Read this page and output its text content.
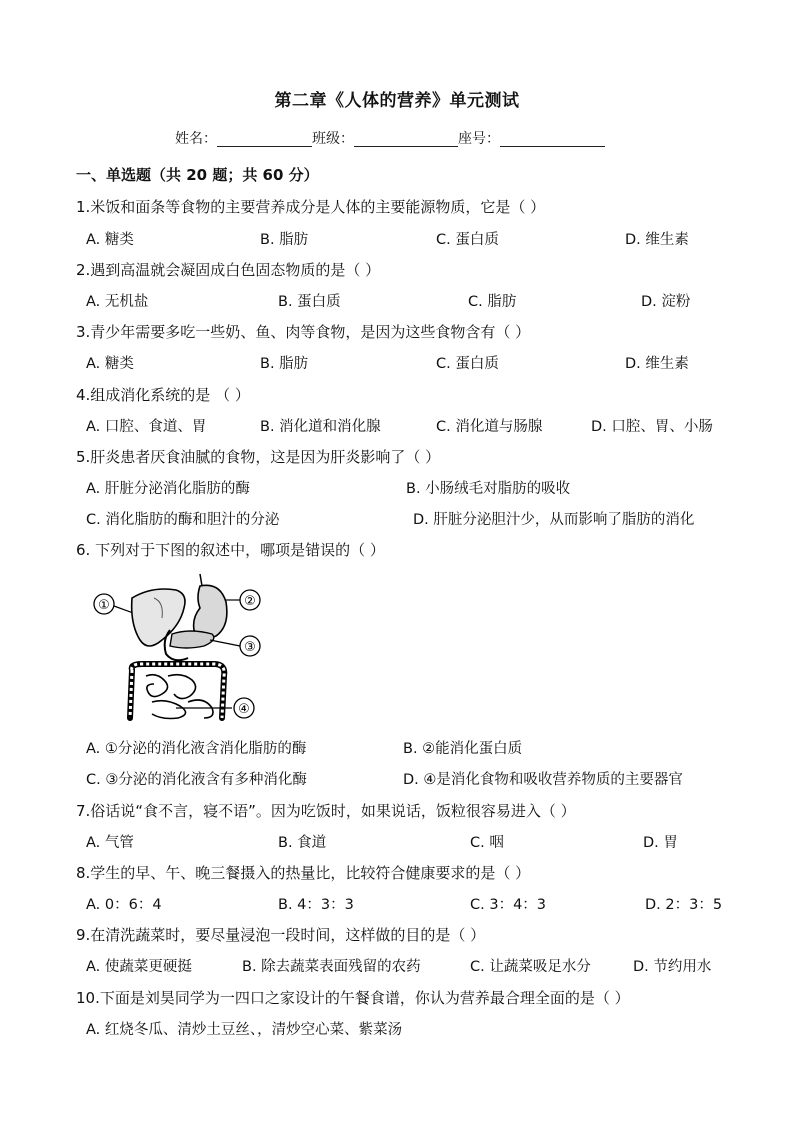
第二章《人体的营养》单元测试
姓名：	班级：	座号：
一、单选题（共 20 题；共 60 分）
1.米饭和面条等食物的主要营养成分是人体的主要能源物质，它是（ ）
A. 糖类	B. 脂肪	C. 蛋白质	D. 维生素
2.遇到高温就会凝固成白色固态物质的是（ ）
A. 无机盐	B. 蛋白质	C. 脂肪	D. 淀粉
3.青少年需要多吃一些奶、鱼、肉等食物，是因为这些食物含有（ ）
A. 糖类	B. 脂肪	C. 蛋白质	D. 维生素
4.组成消化系统的是 （ ）
A. 口腔、食道、胃	B. 消化道和消化腺	C. 消化道与肠腺	D. 口腔、胃、小肠
5.肝炎患者厌食油腻的食物，这是因为肝炎影响了（ ）
A. 肝脏分泌消化脂肪的酶	B. 小肠绒毛对脂肪的吸收
C. 消化脂肪的酶和胆汁的分泌	D. 肝脏分泌胆汁少，从而影响了脂肪的消化
6. 下列对于下图的叙述中，哪项是错误的（ ）
①	②
③
④
A. ①分泌的消化液含消化脂肪的酶	B. ②能消化蛋白质
C. ③分泌的消化液含有多种消化酶	D. ④是消化食物和吸收营养物质的主要器官
7.俗话说“食不言，寝不语”。因为吃饭时，如果说话，饭粒很容易进入（ ）
A. 气管	B. 食道	C. 咽	D. 胃
8.学生的早、午、晚三餐摄入的热量比，比较符合健康要求的是（ ）
A. 0：6：4	B. 4：3：3	C. 3：4：3	D. 2：3：5
9.在清洗蔬菜时，要尽量浸泡一段时间，这样做的目的是（ ）
A. 使蔬菜更硬挺	B. 除去蔬菜表面残留的农药	C. 让蔬菜吸足水分	D. 节约用水
10.下面是刘昊同学为一四口之家设计的午餐食谱，你认为营养最合理全面的是（ ）
A. 红烧冬瓜、清炒土豆丝、，清炒空心菜、紫菜汤
